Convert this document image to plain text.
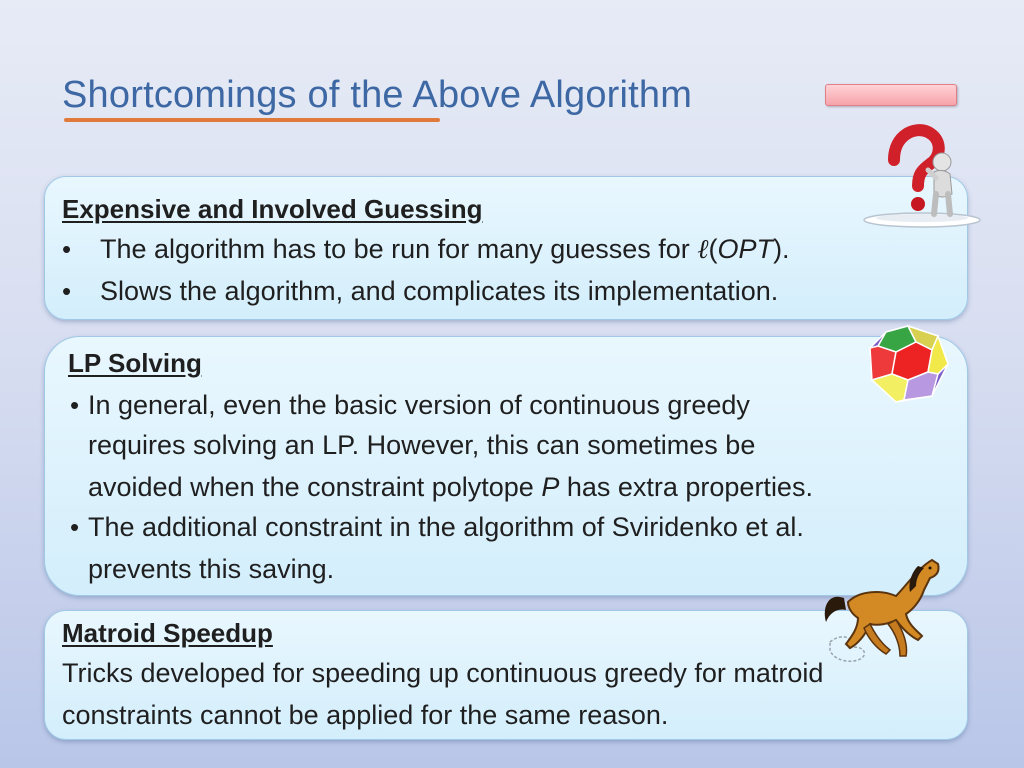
Shortcomings of the Above Algorithm
Expensive and Involved Guessing
• The algorithm has to be run for many guesses for ℓ(OPT).
• Slows the algorithm, and complicates its implementation.
LP Solving
• In general, even the basic version of continuous greedy
requires solving an LP. However, this can sometimes be
avoided when the constraint polytope P has extra properties.
• The additional constraint in the algorithm of Sviridenko et al.
prevents this saving.
Matroid Speedup
Tricks developed for speeding up continuous greedy for matroid
constraints cannot be applied for the same reason.
